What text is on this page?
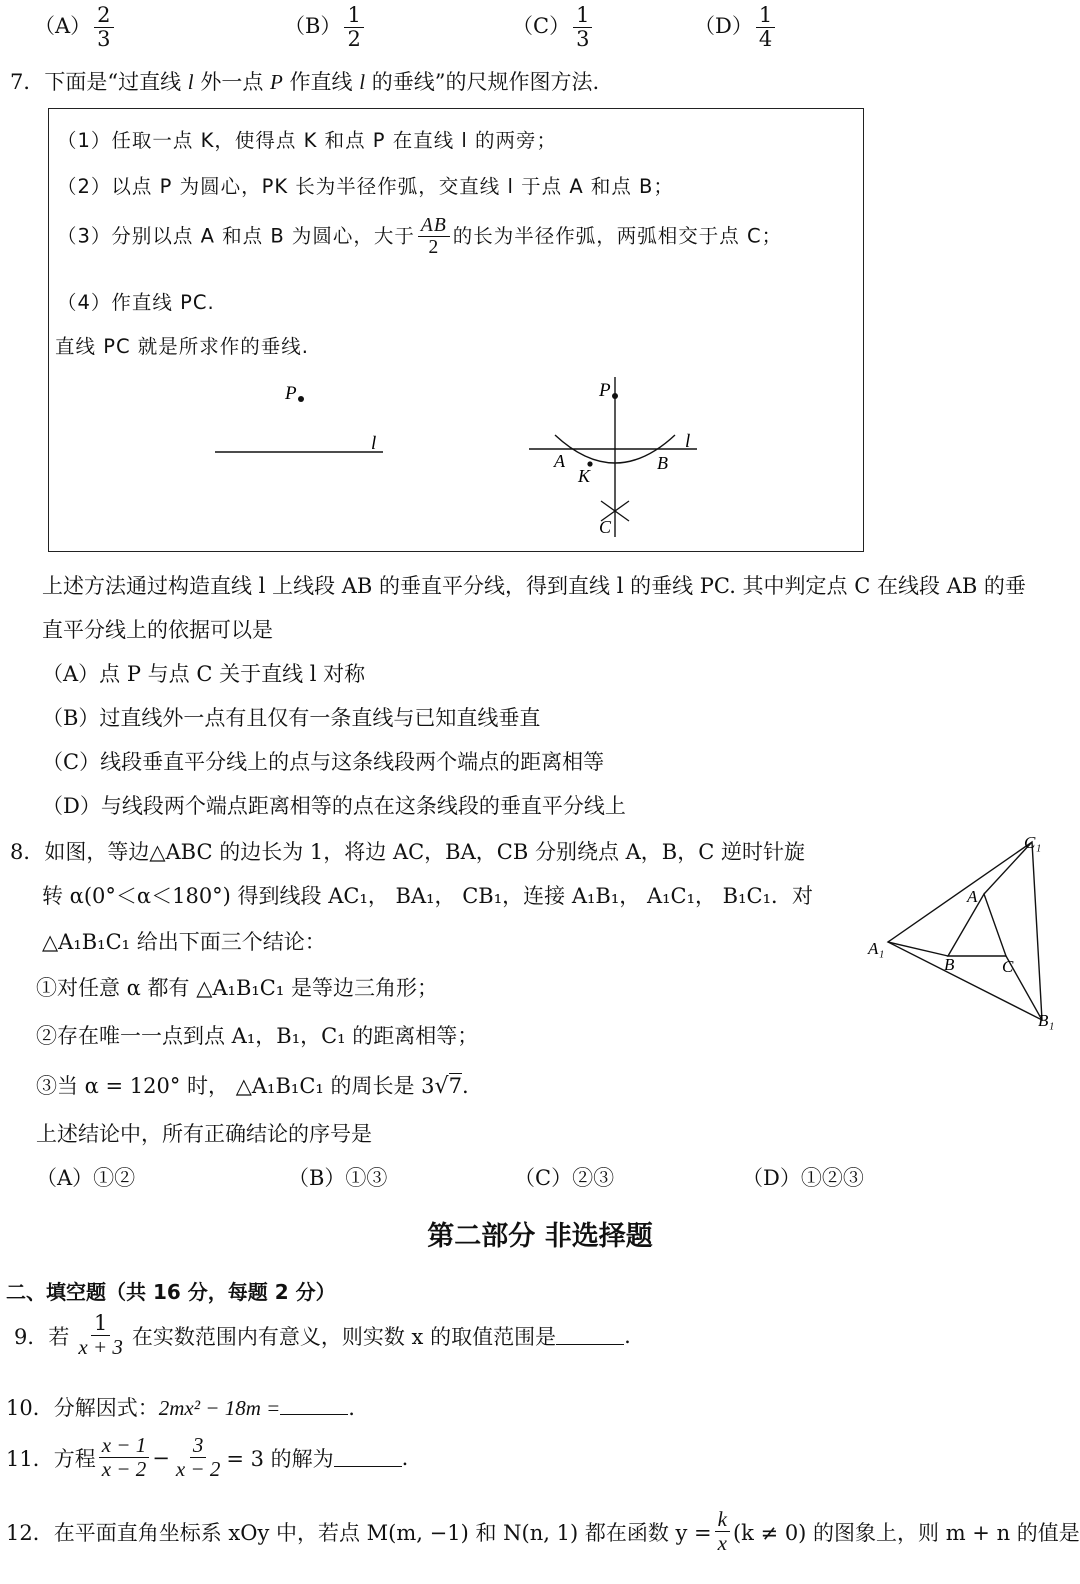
$(A) \frac{2}{3}$	$(B) \frac{1}{2}$	$(C) \frac{1}{3}$	$(D) \frac{1}{4}$
7．下面是“过直线 l 外一点 P 作直线 l 的垂线”的尺规作图方法.
（1）任取一点 K，使得点 K 和点 P 在直线 l 的两旁；
（2）以点 P 为圆心，PK 长为半径作弧，交直线 l 于点 A 和点 B；
（3）分别以点 A 和点 B 为圆心，大于 $\frac{AB}{2}$ 的长为半径作弧，两弧相交于点 C；
（4）作直线 PC.
直线 PC 就是所求作的垂线.
P
l	l
P
A	B
K
C
上述方法通过构造直线 l 上线段 AB 的垂直平分线，得到直线 l 的垂线 PC. 其中判定点 C 在线段 AB 的垂
直平分线上的依据可以是
（A）点 P 与点 C 关于直线 l 对称
（B）过直线外一点有且仅有一条直线与已知直线垂直
（C）线段垂直平分线上的点与这条线段两个端点的距离相等
（D）与线段两个端点距离相等的点在这条线段的垂直平分线上
8．如图，等边△ABC 的边长为 1，将边 AC，BA，CB 分别绕点 A，B，C 逆时针旋
转 α(0°＜α＜180°) 得到线段 AC₁， BA₁， CB₁，连接 A₁B₁， A₁C₁， B₁C₁．对
△A₁B₁C₁ 给出下面三个结论：
①对任意 α 都有 △A₁B₁C₁ 是等边三角形；
②存在唯一一点到点 A₁，B₁，C₁ 的距离相等；
③当 α = 120° 时， △A₁B₁C₁ 的周长是 3√7.
上述结论中，所有正确结论的序号是
（A）①②	（B）①③	（C）②③	（D）①②③
C₁
A
A₁
B	C
B₁
第二部分 非选择题
二、填空题（共 16 分，每题 2 分）
9． 若 $\frac{1}{x + 3}$ 在实数范围内有意义，则实数 x 的取值范围是	.
10．分解因式：2mx² − 18m =	.
11． 方程 $\frac{x - 1}{x - 2} - \frac{3}{x - 2} = 3$ 的解为	.
12． 在平面直角坐标系 xOy 中，若点 M(m, −1) 和 N(n, 1) 都在函数 $y = \frac{k}{x} (k \ne 0)$ 的图象上，则 m + n 的值是
